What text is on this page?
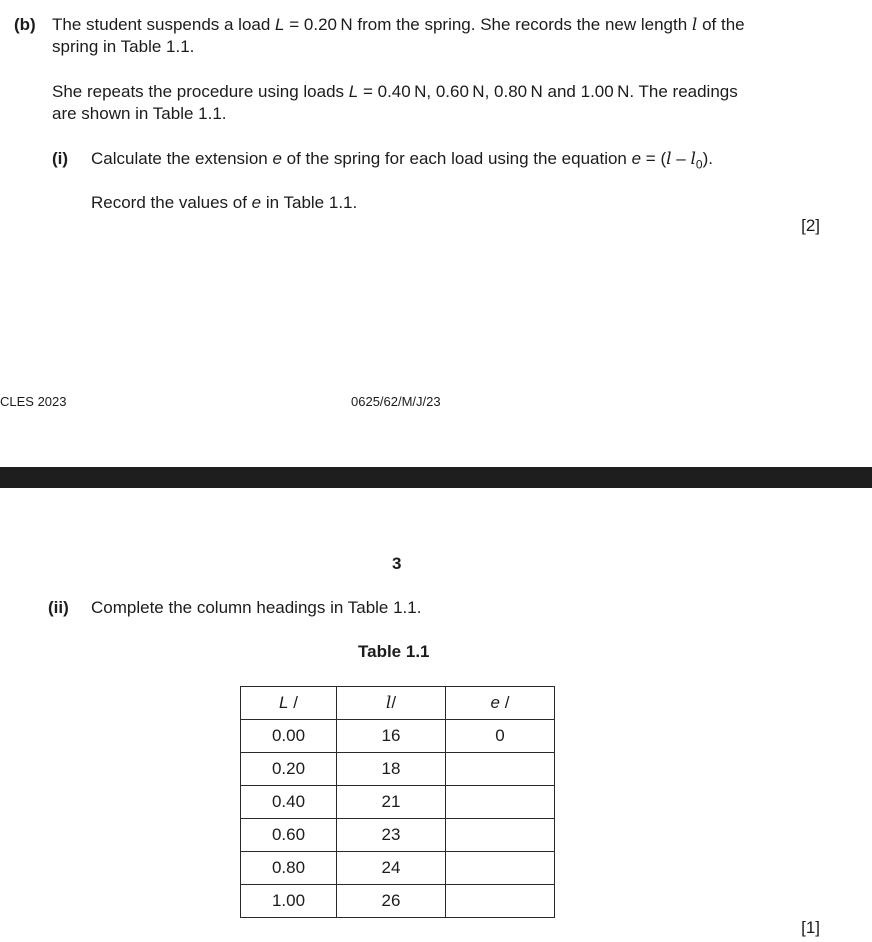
(b) The student suspends a load L = 0.20 N from the spring. She records the new length l of the
spring in Table 1.1.
She repeats the procedure using loads L = 0.40 N, 0.60 N, 0.80 N and 1.00 N. The readings
are shown in Table 1.1.
(i) Calculate the extension e of the spring for each load using the equation $e = (l - l_0)$.
Record the values of e in Table 1.1.
[2]
CLES 2023	0625/62/M/J/23
3
(ii) Complete the column headings in Table 1.1.
Table 1.1
L /	l/	e /
0.00	16	0
0.20	18	
0.40	21	
0.60	23	
0.80	24	
1.00	26	
[1]
